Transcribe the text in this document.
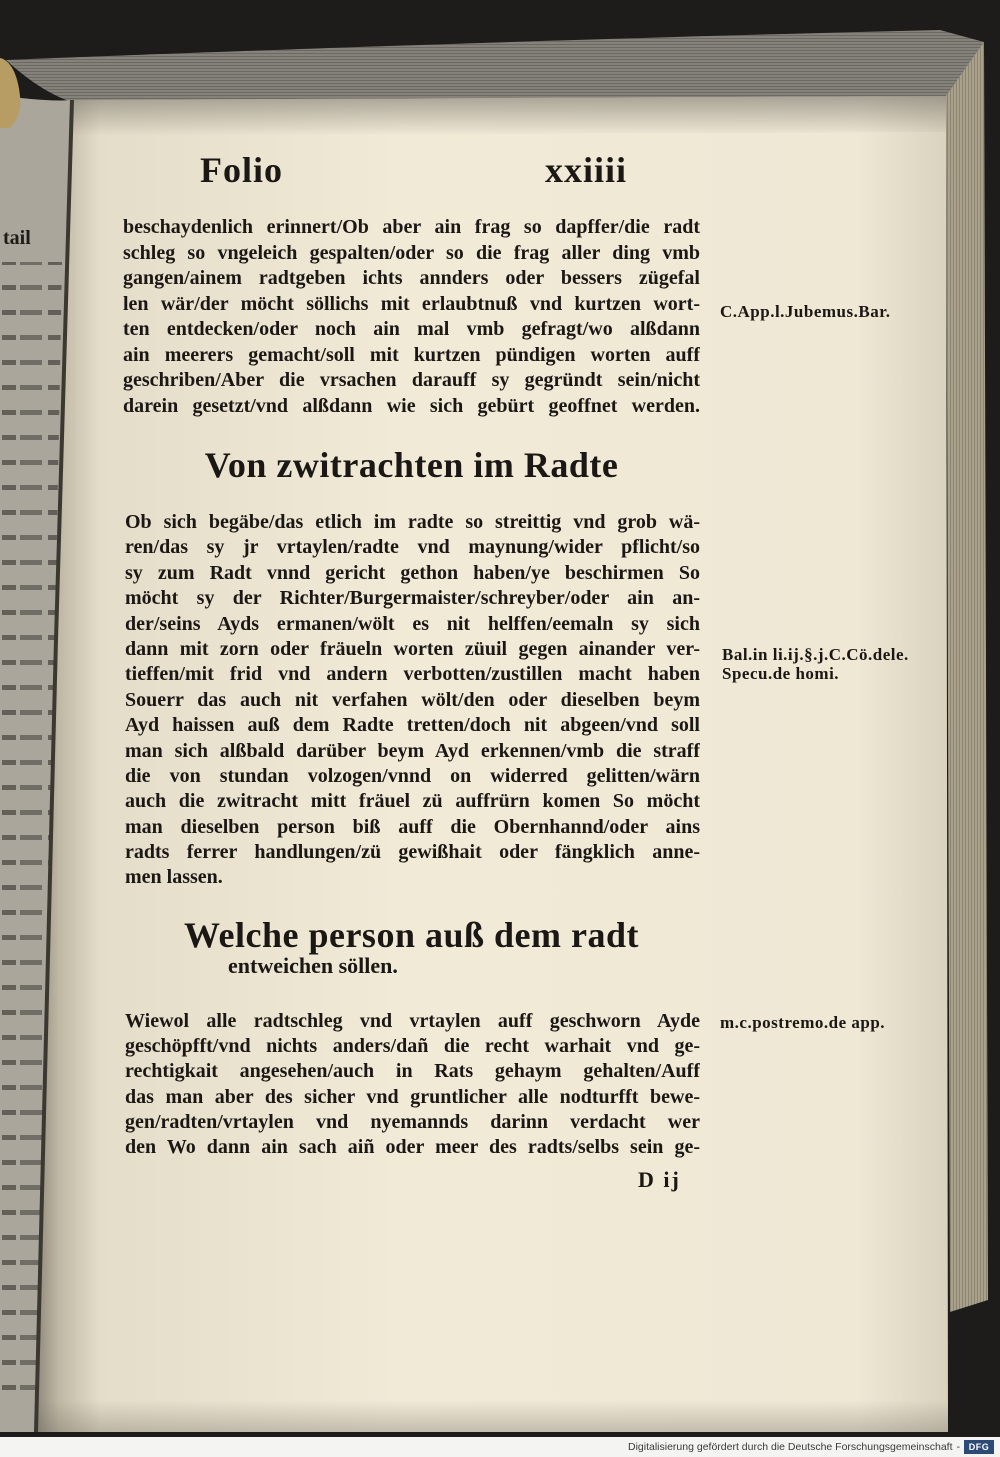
tail
Folio	xxiiii
beschaydenlich erinnert/Ob aber ain frag so dapffer/die radt
schleg so vngeleich gespalten/oder so die frag aller ding vmb
gangen/ainem radtgeben ichts annders oder bessers zügefal
len wär/der möcht söllichs mit erlaubtnuß vnd kurtzen wort-
ten entdecken/oder noch ain mal vmb gefragt/wo alßdann
ain meerers gemacht/soll mit kurtzen pündigen worten auff
geschriben/Aber die vrsachen darauff sy gegründt sein/nicht
darein gesetzt/vnd alßdann wie sich gebürt geoffnet werden.
Von zwitrachten im Radte
Ob sich begäbe/das etlich im radte so streittig vnd grob wä-
ren/das sy jr vrtaylen/radte vnd maynung/wider pflicht/so
sy zum Radt vnnd gericht gethon haben/ye beschirmen So
möcht sy der Richter/Burgermaister/schreyber/oder ain an-
der/seins Ayds ermanen/wölt es nit helffen/eemaln sy sich
dann mit zorn oder fräueln worten züuil gegen ainander ver-
tieffen/mit frid vnd andern verbotten/zustillen macht haben
Souerr das auch nit verfahen wölt/den oder dieselben beym
Ayd haissen auß dem Radte tretten/doch nit abgeen/vnd soll
man sich alßbald darüber beym Ayd erkennen/vmb die straff
die von stundan volzogen/vnnd on widerred gelitten/wärn
auch die zwitracht mitt fräuel zü auffrürn komen So möcht
man dieselben person biß auff die Obernhannd/oder ains
radts ferrer handlungen/zü gewißhait oder fängklich anne-
men lassen.
Welche person auß dem radt
entweichen söllen.
Wiewol alle radtschleg vnd vrtaylen auff geschworn Ayde
geschöpfft/vnd nichts anders/dañ die recht warhait vnd ge-
rechtigkait angesehen/auch in Rats gehaym gehalten/Auff
das man aber des sicher vnd gruntlicher alle nodturfft bewe-
gen/radten/vrtaylen vnd nyemannds darinn verdacht wer
den Wo dann ain sach aiñ oder meer des radts/selbs sein ge-
D ij
C.App.l.Jubemus.Bar.
Bal.in li.ij.§.j.C.Cö.dele.
Specu.de homi.
m.c.postremo.de app.
Digitalisierung gefördert durch die Deutsche Forschungsgemeinschaft - DFG
